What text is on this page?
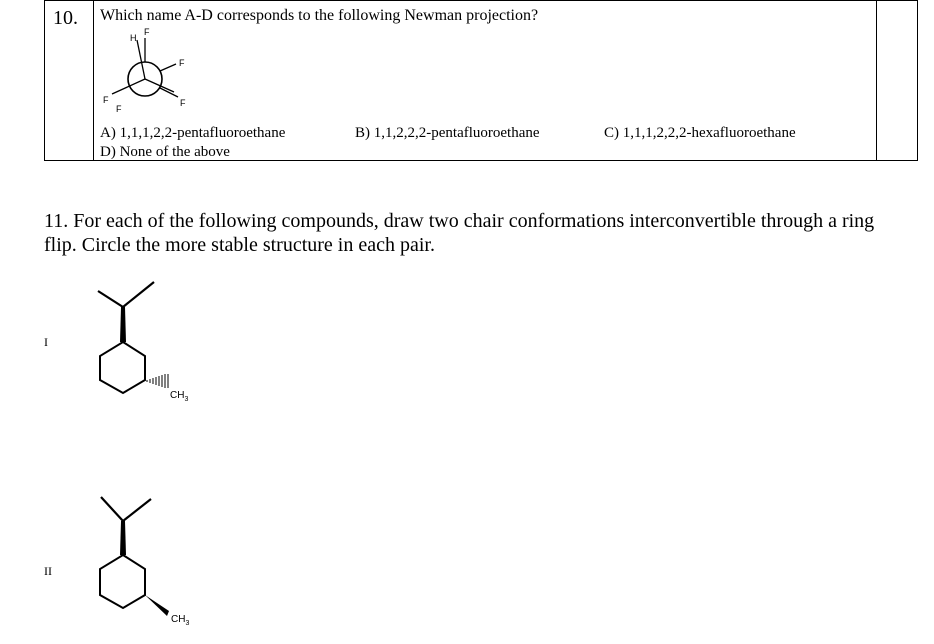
10.
			Which name A-D corresponds to the following Newman projection?
H
F
F
F
F
F
A) 1,1,1,2,2-pentafluoroethane	B) 1,1,2,2,2-pentafluoroethane	C) 1,1,1,2,2,2-hexafluoroethane
D) None of the above

11. For each of the following compounds, draw two chair conformations interconvertible through a ring flip. Circle the more stable structure in each pair.

I
$CH_3$
II
$CH_3$
